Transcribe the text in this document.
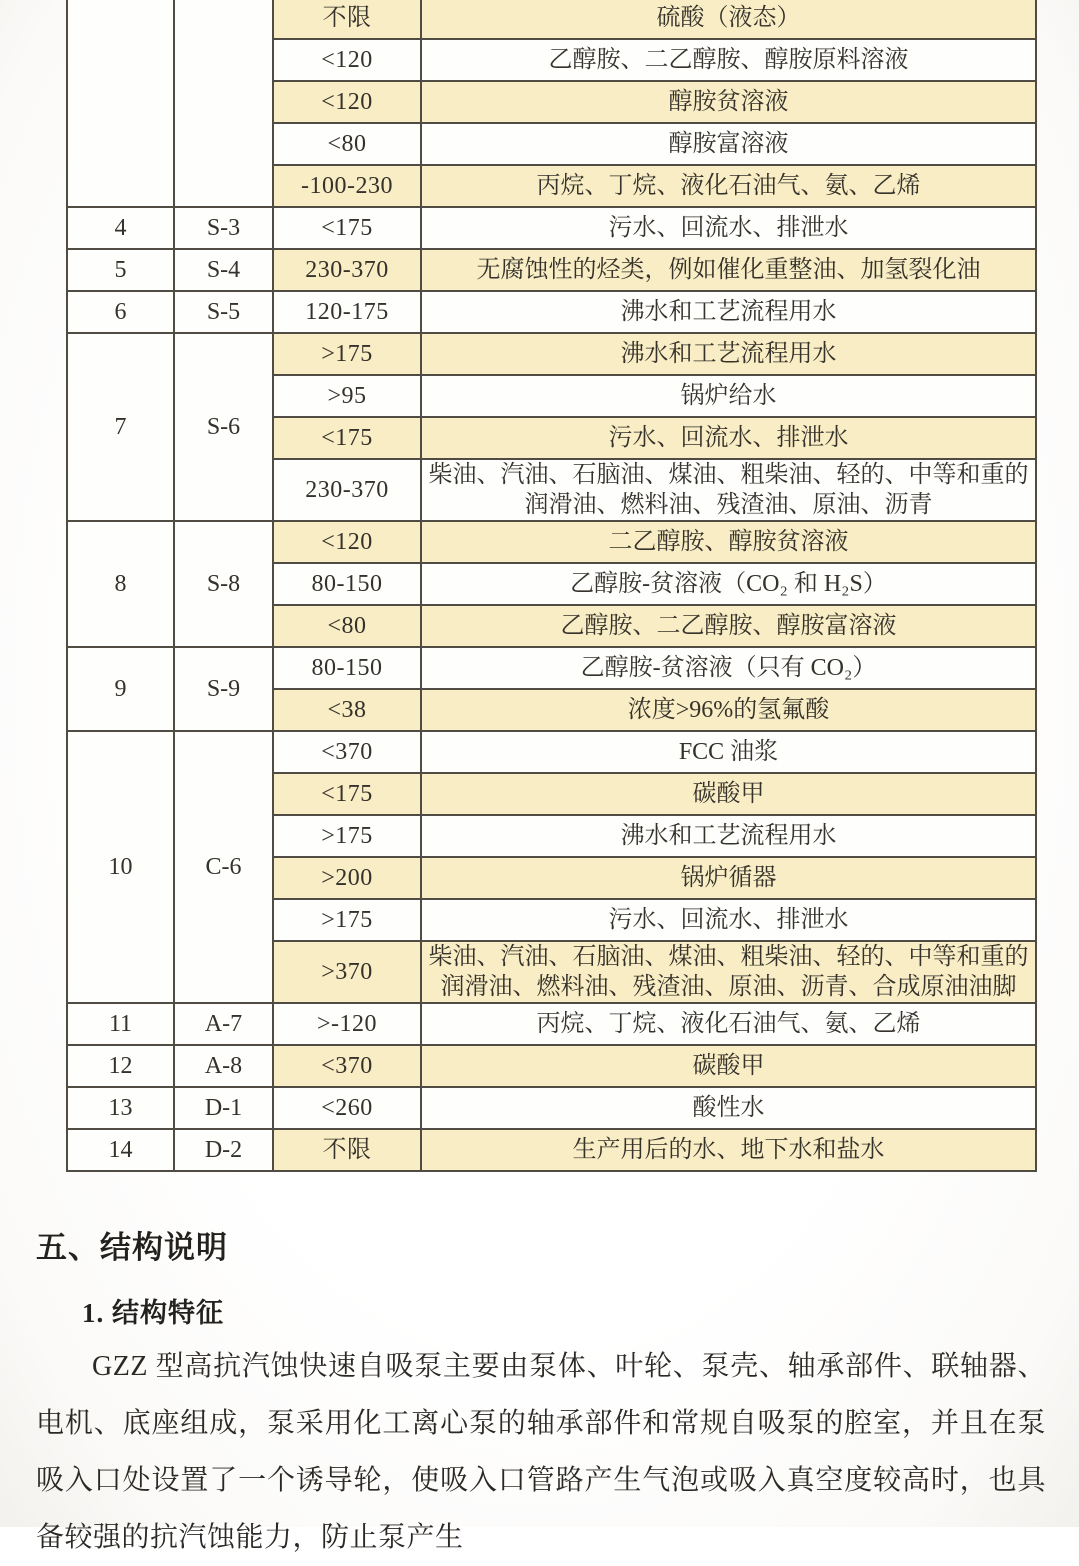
		不限	硫酸（液态）
		<120	乙醇胺、二乙醇胺、醇胺原料溶液
		<120	醇胺贫溶液
		<80	醇胺富溶液
		-100-230	丙烷、丁烷、液化石油气、氨、乙烯
4	S-3	<175	污水、回流水、排泄水
5	S-4	230-370	无腐蚀性的烃类，例如催化重整油、加氢裂化油
6	S-5	120-175	沸水和工艺流程用水
7	S-6	>175	沸水和工艺流程用水
		>95	锅炉给水
		<175	污水、回流水、排泄水
		230-370	柴油、汽油、石脑油、煤油、粗柴油、轻的、中等和重的润滑油、燃料油、残渣油、原油、沥青
8	S-8	<120	二乙醇胺、醇胺贫溶液
		80-150	乙醇胺-贫溶液（CO₂ 和 H₂S）
		<80	乙醇胺、二乙醇胺、醇胺富溶液
9	S-9	80-150	乙醇胺-贫溶液（只有 CO₂）
		<38	浓度>96%的氢氟酸
10	C-6	<370	FCC 油浆
		<175	碳酸甲
		>175	沸水和工艺流程用水
		>200	锅炉循器
		>175	污水、回流水、排泄水
		>370	柴油、汽油、石脑油、煤油、粗柴油、轻的、中等和重的润滑油、燃料油、残渣油、原油、沥青、合成原油油脚
11	A-7	>-120	丙烷、丁烷、液化石油气、氨、乙烯
12	A-8	<370	碳酸甲
13	D-1	<260	酸性水
14	D-2	不限	生产用后的水、地下水和盐水
五、结构说明
1. 结构特征
GZZ 型高抗汽蚀快速自吸泵主要由泵体、叶轮、泵壳、轴承部件、联轴器、电机、底座组成，泵采用化工离心泵的轴承部件和常规自吸泵的腔室，并且在泵吸入口处设置了一个诱导轮，使吸入口管路产生气泡或吸入真空度较高时，也具备较强的抗汽蚀能力，防止泵产生
